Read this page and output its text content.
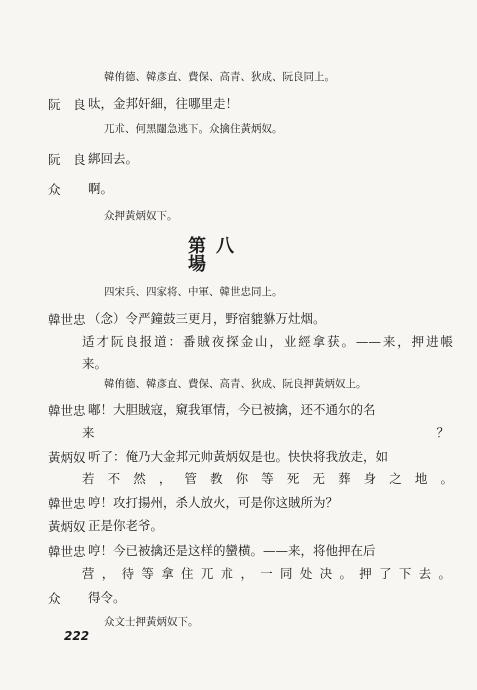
韓侑德、韓彥直、費保、高青、狄成、阮良同上。
阮　良 呔，金邦奸細，往哪里走！
兀朮、何黑闥急逃下。众擒住黃炳奴。
阮　良 綁回去。
众	啊。
众押黃炳奴下。
第八場
四宋兵、四家将、中軍、韓世忠同上。
韓世忠 （念）令严鐘鼓三更月，野宿貔貅万灶烟。
适才阮良报道：番賊夜探金山，业經拿获。——来，押进帳
来。
韓侑德、韓彥直、費保、高青、狄成、阮良押黃炳奴上。
韓世忠 嘟！大胆賊寇，窺我軍情，今已被擒，还不通尔的名
来？
黃炳奴 听了：俺乃大金邦元帅黃炳奴是也。快快将我放走，如
若不然，管教你等死无葬身之地。
韓世忠 哼！攻打揚州，杀人放火，可是你这賊所为？
黃炳奴 正是你老爷。
韓世忠 哼！今已被擒还是这样的蠻横。——来，将他押在后
营，待等拿住兀朮，一同处决。押了下去。
众	得令。
众文士押黃炳奴下。
222
